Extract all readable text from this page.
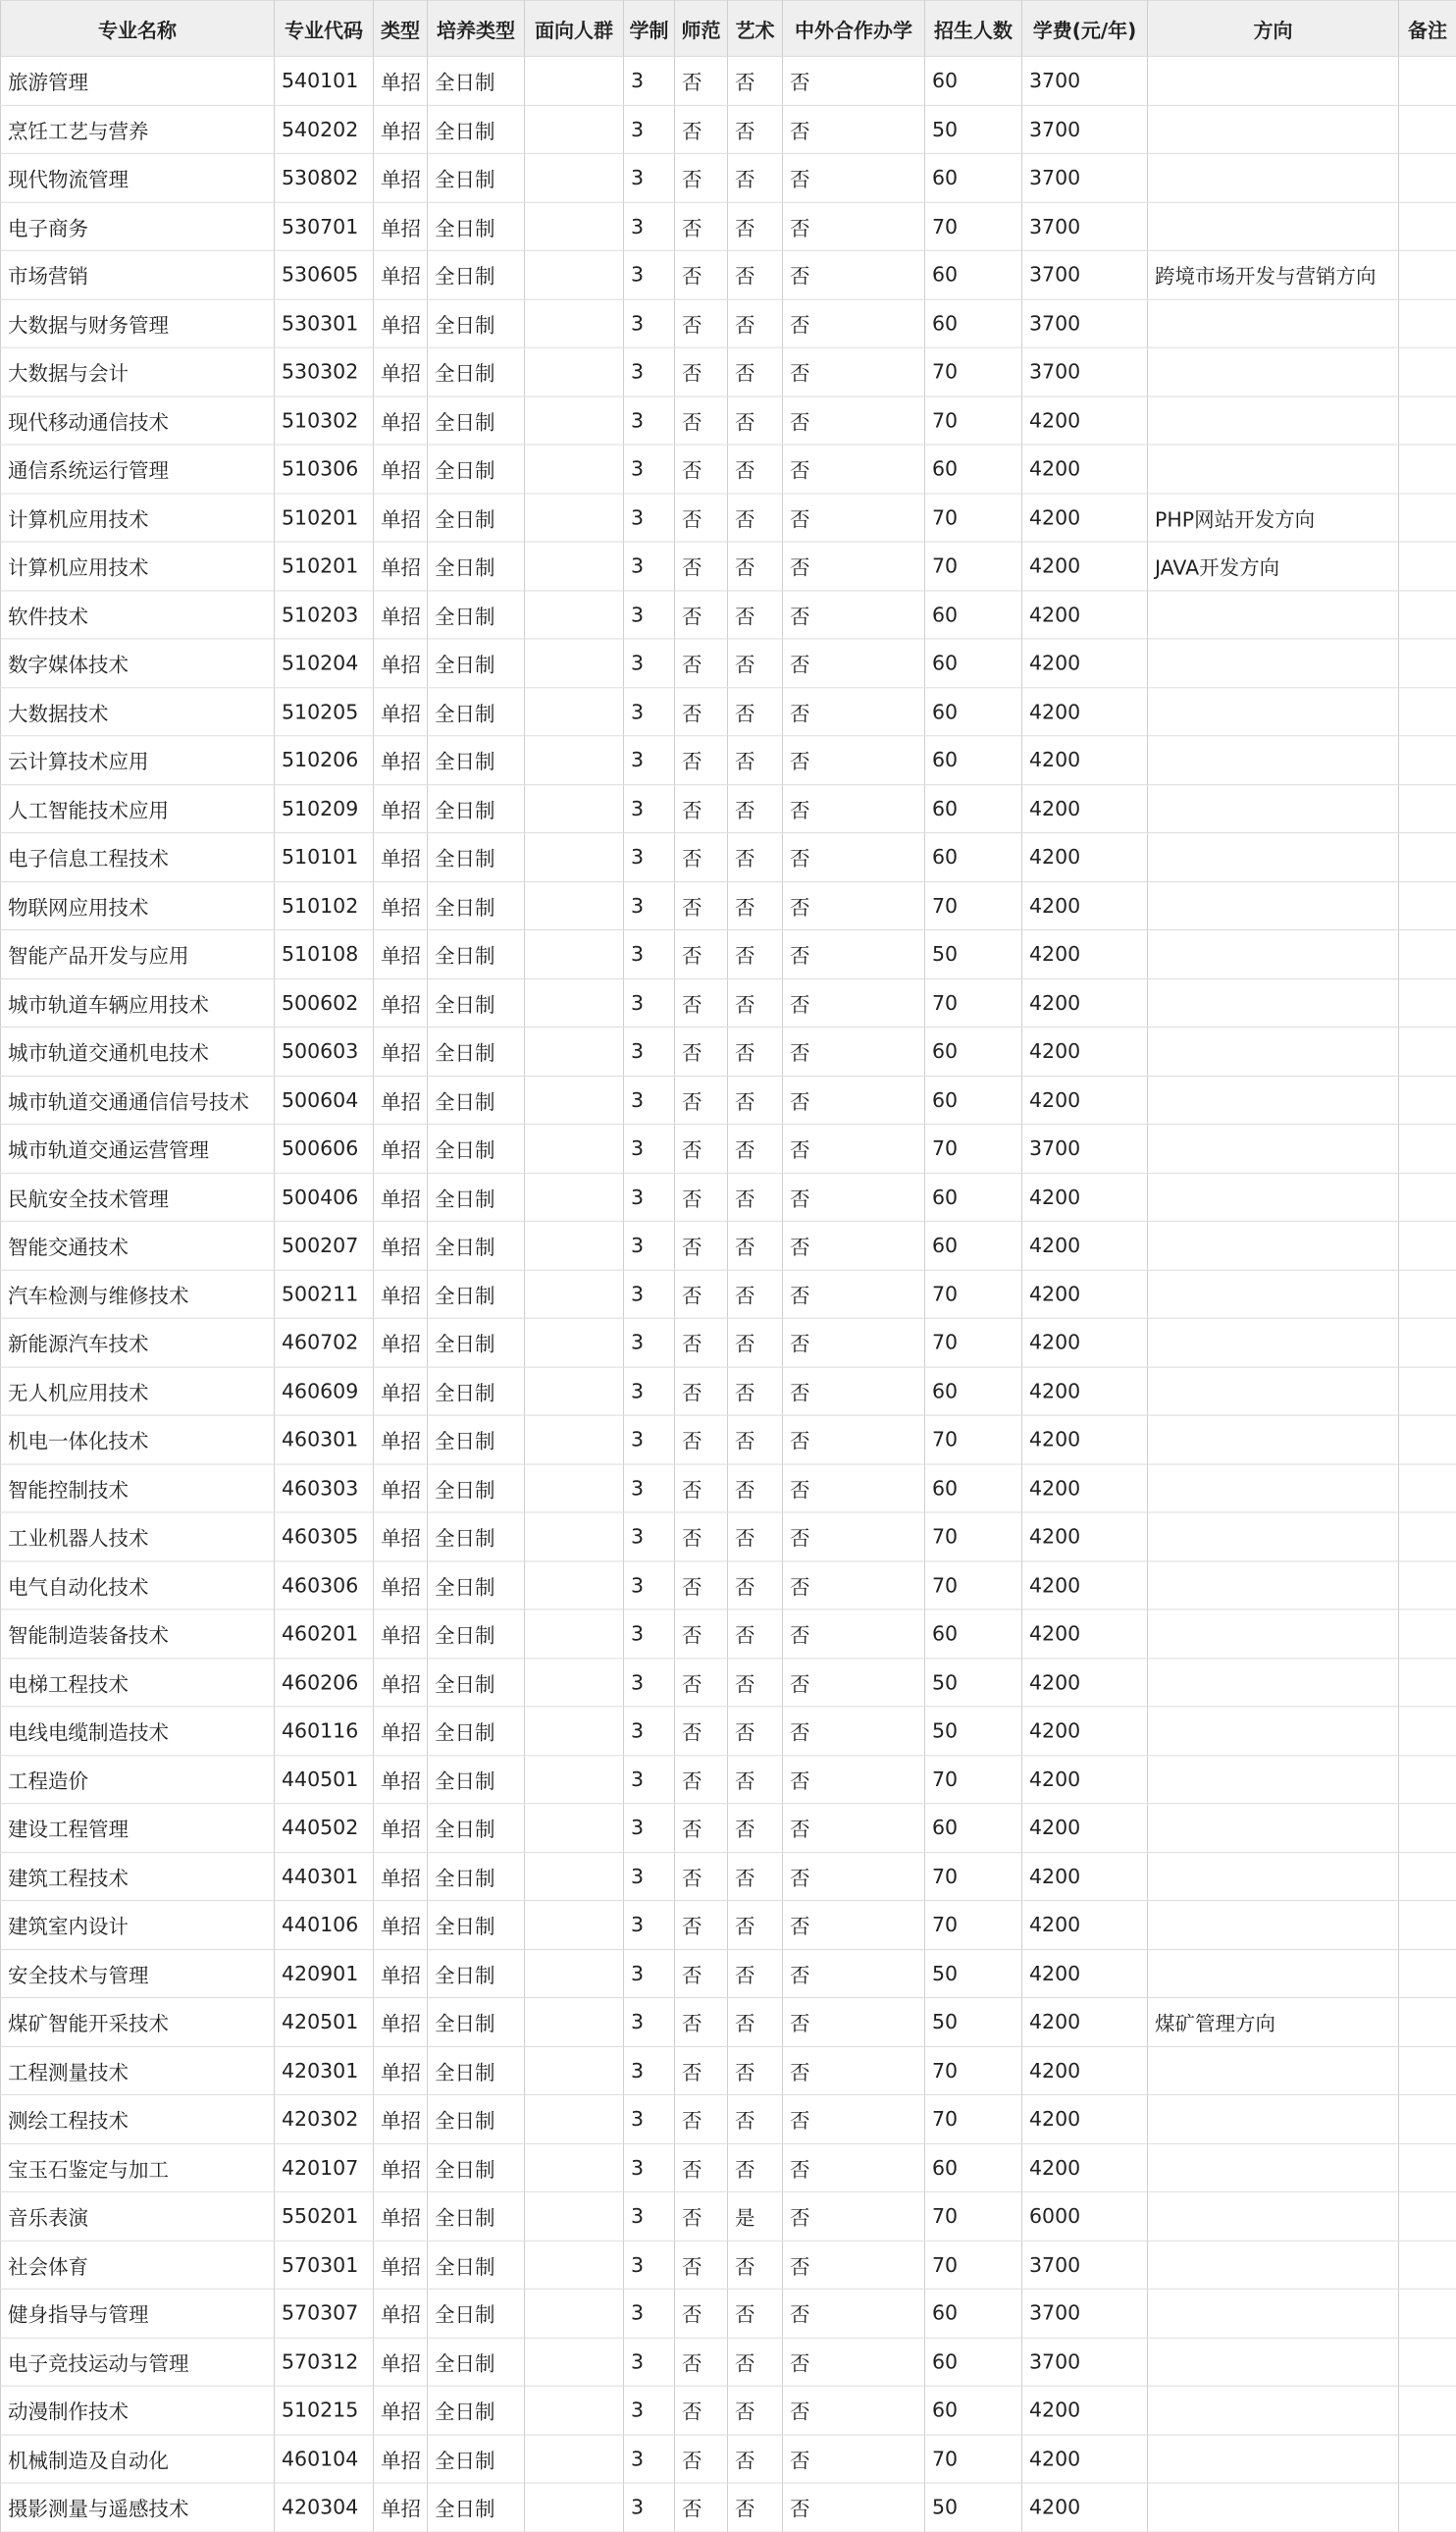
专业名称	专业代码	类型	培养类型	面向人群	学制	师范	艺术	中外合作办学	招生人数	学费(元/年)	方向	备注
旅游管理	540101	单招	全日制		3	否	否	否	60	3700		
烹饪工艺与营养	540202	单招	全日制		3	否	否	否	50	3700		
现代物流管理	530802	单招	全日制		3	否	否	否	60	3700		
电子商务	530701	单招	全日制		3	否	否	否	70	3700		
市场营销	530605	单招	全日制		3	否	否	否	60	3700	跨境市场开发与营销方向	
大数据与财务管理	530301	单招	全日制		3	否	否	否	60	3700		
大数据与会计	530302	单招	全日制		3	否	否	否	70	3700		
现代移动通信技术	510302	单招	全日制		3	否	否	否	70	4200		
通信系统运行管理	510306	单招	全日制		3	否	否	否	60	4200		
计算机应用技术	510201	单招	全日制		3	否	否	否	70	4200	PHP网站开发方向	
计算机应用技术	510201	单招	全日制		3	否	否	否	70	4200	JAVA开发方向	
软件技术	510203	单招	全日制		3	否	否	否	60	4200		
数字媒体技术	510204	单招	全日制		3	否	否	否	60	4200		
大数据技术	510205	单招	全日制		3	否	否	否	60	4200		
云计算技术应用	510206	单招	全日制		3	否	否	否	60	4200		
人工智能技术应用	510209	单招	全日制		3	否	否	否	60	4200		
电子信息工程技术	510101	单招	全日制		3	否	否	否	60	4200		
物联网应用技术	510102	单招	全日制		3	否	否	否	70	4200		
智能产品开发与应用	510108	单招	全日制		3	否	否	否	50	4200		
城市轨道车辆应用技术	500602	单招	全日制		3	否	否	否	70	4200		
城市轨道交通机电技术	500603	单招	全日制		3	否	否	否	60	4200		
城市轨道交通通信信号技术	500604	单招	全日制		3	否	否	否	60	4200		
城市轨道交通运营管理	500606	单招	全日制		3	否	否	否	70	3700		
民航安全技术管理	500406	单招	全日制		3	否	否	否	60	4200		
智能交通技术	500207	单招	全日制		3	否	否	否	60	4200		
汽车检测与维修技术	500211	单招	全日制		3	否	否	否	70	4200		
新能源汽车技术	460702	单招	全日制		3	否	否	否	70	4200		
无人机应用技术	460609	单招	全日制		3	否	否	否	60	4200		
机电一体化技术	460301	单招	全日制		3	否	否	否	70	4200		
智能控制技术	460303	单招	全日制		3	否	否	否	60	4200		
工业机器人技术	460305	单招	全日制		3	否	否	否	70	4200		
电气自动化技术	460306	单招	全日制		3	否	否	否	70	4200		
智能制造装备技术	460201	单招	全日制		3	否	否	否	60	4200		
电梯工程技术	460206	单招	全日制		3	否	否	否	50	4200		
电线电缆制造技术	460116	单招	全日制		3	否	否	否	50	4200		
工程造价	440501	单招	全日制		3	否	否	否	70	4200		
建设工程管理	440502	单招	全日制		3	否	否	否	60	4200		
建筑工程技术	440301	单招	全日制		3	否	否	否	70	4200		
建筑室内设计	440106	单招	全日制		3	否	否	否	70	4200		
安全技术与管理	420901	单招	全日制		3	否	否	否	50	4200		
煤矿智能开采技术	420501	单招	全日制		3	否	否	否	50	4200	煤矿管理方向	
工程测量技术	420301	单招	全日制		3	否	否	否	70	4200		
测绘工程技术	420302	单招	全日制		3	否	否	否	70	4200		
宝玉石鉴定与加工	420107	单招	全日制		3	否	否	否	60	4200		
音乐表演	550201	单招	全日制		3	否	是	否	70	6000		
社会体育	570301	单招	全日制		3	否	否	否	70	3700		
健身指导与管理	570307	单招	全日制		3	否	否	否	60	3700		
电子竞技运动与管理	570312	单招	全日制		3	否	否	否	60	3700		
动漫制作技术	510215	单招	全日制		3	否	否	否	60	4200		
机械制造及自动化	460104	单招	全日制		3	否	否	否	70	4200		
摄影测量与遥感技术	420304	单招	全日制		3	否	否	否	50	4200		
